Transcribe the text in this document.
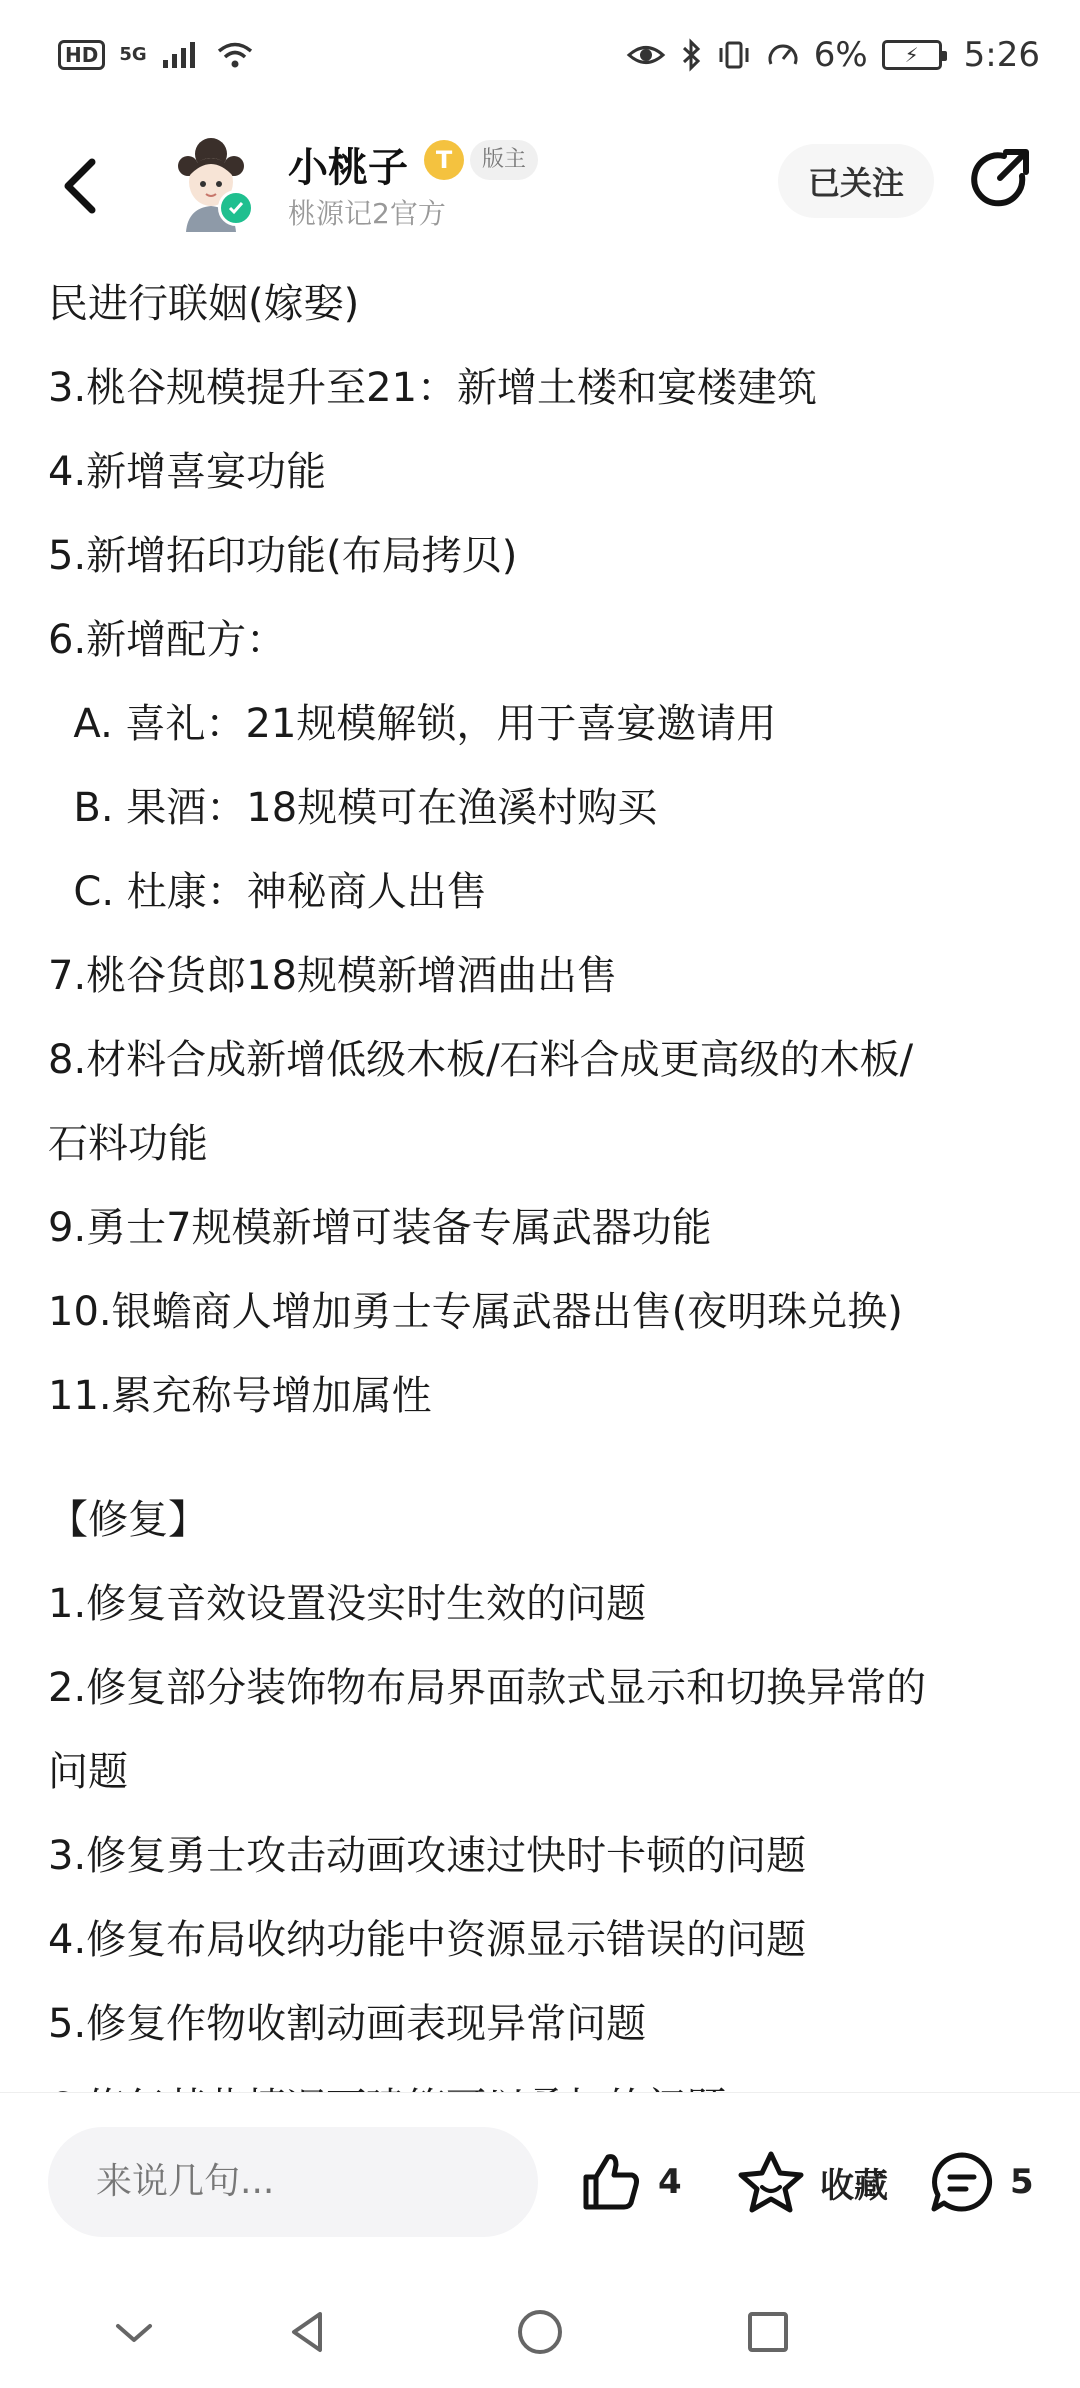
HD	5G	6%	⚡	5:26
小桃子	T	版主
桃源记2官方
已关注

民进行联姻(嫁娶)

3.桃谷规模提升至21：新增土楼和宴楼建筑

4.新增喜宴功能

5.新增拓印功能(布局拷贝)

6.新增配方：

A. 喜礼：21规模解锁，用于喜宴邀请用

B. 果酒：18规模可在渔溪村购买

C. 杜康：神秘商人出售

7.桃谷货郎18规模新增酒曲出售

8.材料合成新增低级木板/石料合成更高级的木板/

石料功能

9.勇士7规模新增可装备专属武器功能

10.银蟾商人增加勇士专属武器出售(夜明珠兑换)

11.累充称号增加属性

【修复】

1.修复音效设置没实时生效的问题

2.修复部分装饰物布局界面款式显示和切换异常的

问题

3.修复勇士攻击动画攻速过快时卡顿的问题

4.修复布局收纳功能中资源显示错误的问题

5.修复作物收割动画表现异常问题

来说几句...	4	收藏	5
